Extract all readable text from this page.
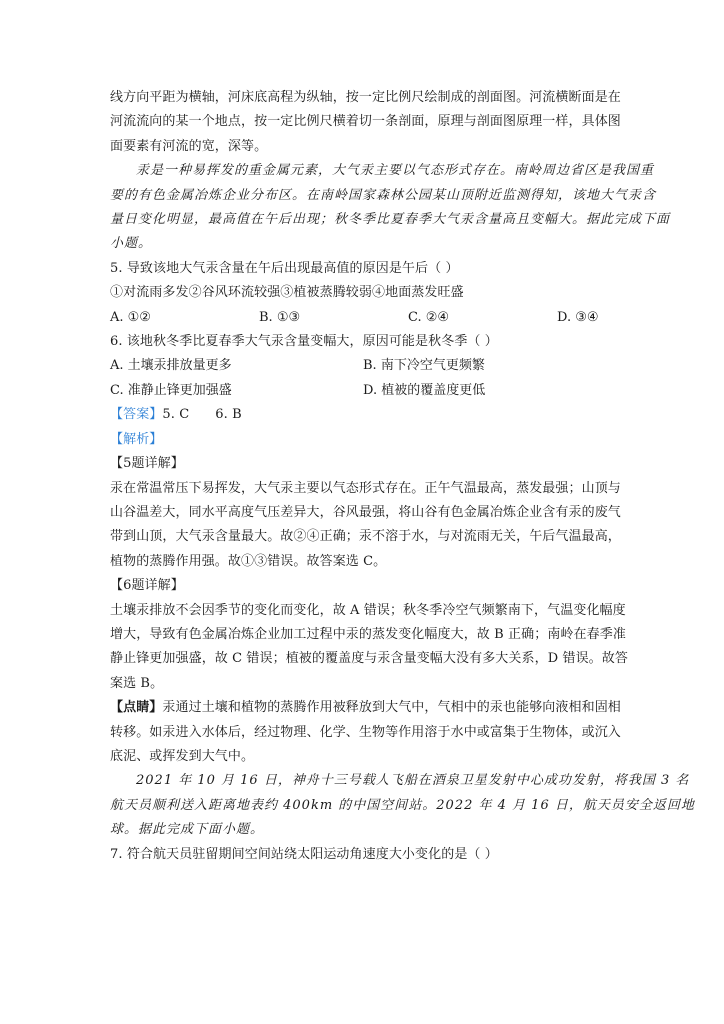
线方向平距为横轴，河床底高程为纵轴，按一定比例尺绘制成的剖面图。河流横断面是在
河流流向的某一个地点，按一定比例尺横着切一条剖面，原理与剖面图原理一样，具体图
面要素有河流的宽，深等。
汞是一种易挥发的重金属元素，大气汞主要以气态形式存在。南岭周边省区是我国重
要的有色金属冶炼企业分布区。在南岭国家森林公园某山顶附近监测得知，该地大气汞含
量日变化明显，最高值在午后出现；秋冬季比夏春季大气汞含量高且变幅大。据此完成下面
小题。
5. 导致该地大气汞含量在午后出现最高值的原因是午后（ ）
①对流雨多发②谷风环流较强③植被蒸腾较弱④地面蒸发旺盛
A. ①②	B. ①③	C. ②④	D. ③④
6. 该地秋冬季比夏春季大气汞含量变幅大，原因可能是秋冬季（ ）
A. 土壤汞排放量更多	B. 南下冷空气更频繁
C. 准静止锋更加强盛	D. 植被的覆盖度更低
【答案】5. C 6. B
【解析】
【5题详解】
汞在常温常压下易挥发，大气汞主要以气态形式存在。正午气温最高，蒸发最强；山顶与
山谷温差大，同水平高度气压差异大，谷风最强，将山谷有色金属冶炼企业含有汞的废气
带到山顶，大气汞含量最大。故②④正确；汞不溶于水，与对流雨无关，午后气温最高，
植物的蒸腾作用强。故①③错误。故答案选 C。
【6题详解】
土壤汞排放不会因季节的变化而变化，故 A 错误；秋冬季冷空气频繁南下，气温变化幅度
增大，导致有色金属冶炼企业加工过程中汞的蒸发变化幅度大，故 B 正确；南岭在春季准
静止锋更加强盛，故 C 错误；植被的覆盖度与汞含量变幅大没有多大关系，D 错误。故答
案选 B。
【点睛】汞通过土壤和植物的蒸腾作用被释放到大气中，气相中的汞也能够向液相和固相
转移。如汞进入水体后，经过物理、化学、生物等作用溶于水中或富集于生物体，或沉入
底泥、或挥发到大气中。
2021 年 10 月 16 日，神舟十三号载人飞船在酒泉卫星发射中心成功发射，将我国 3 名
航天员顺利送入距离地表约 400km 的中国空间站。2022 年 4 月 16 日，航天员安全返回地
球。据此完成下面小题。
7. 符合航天员驻留期间空间站绕太阳运动角速度大小变化的是（ ）
